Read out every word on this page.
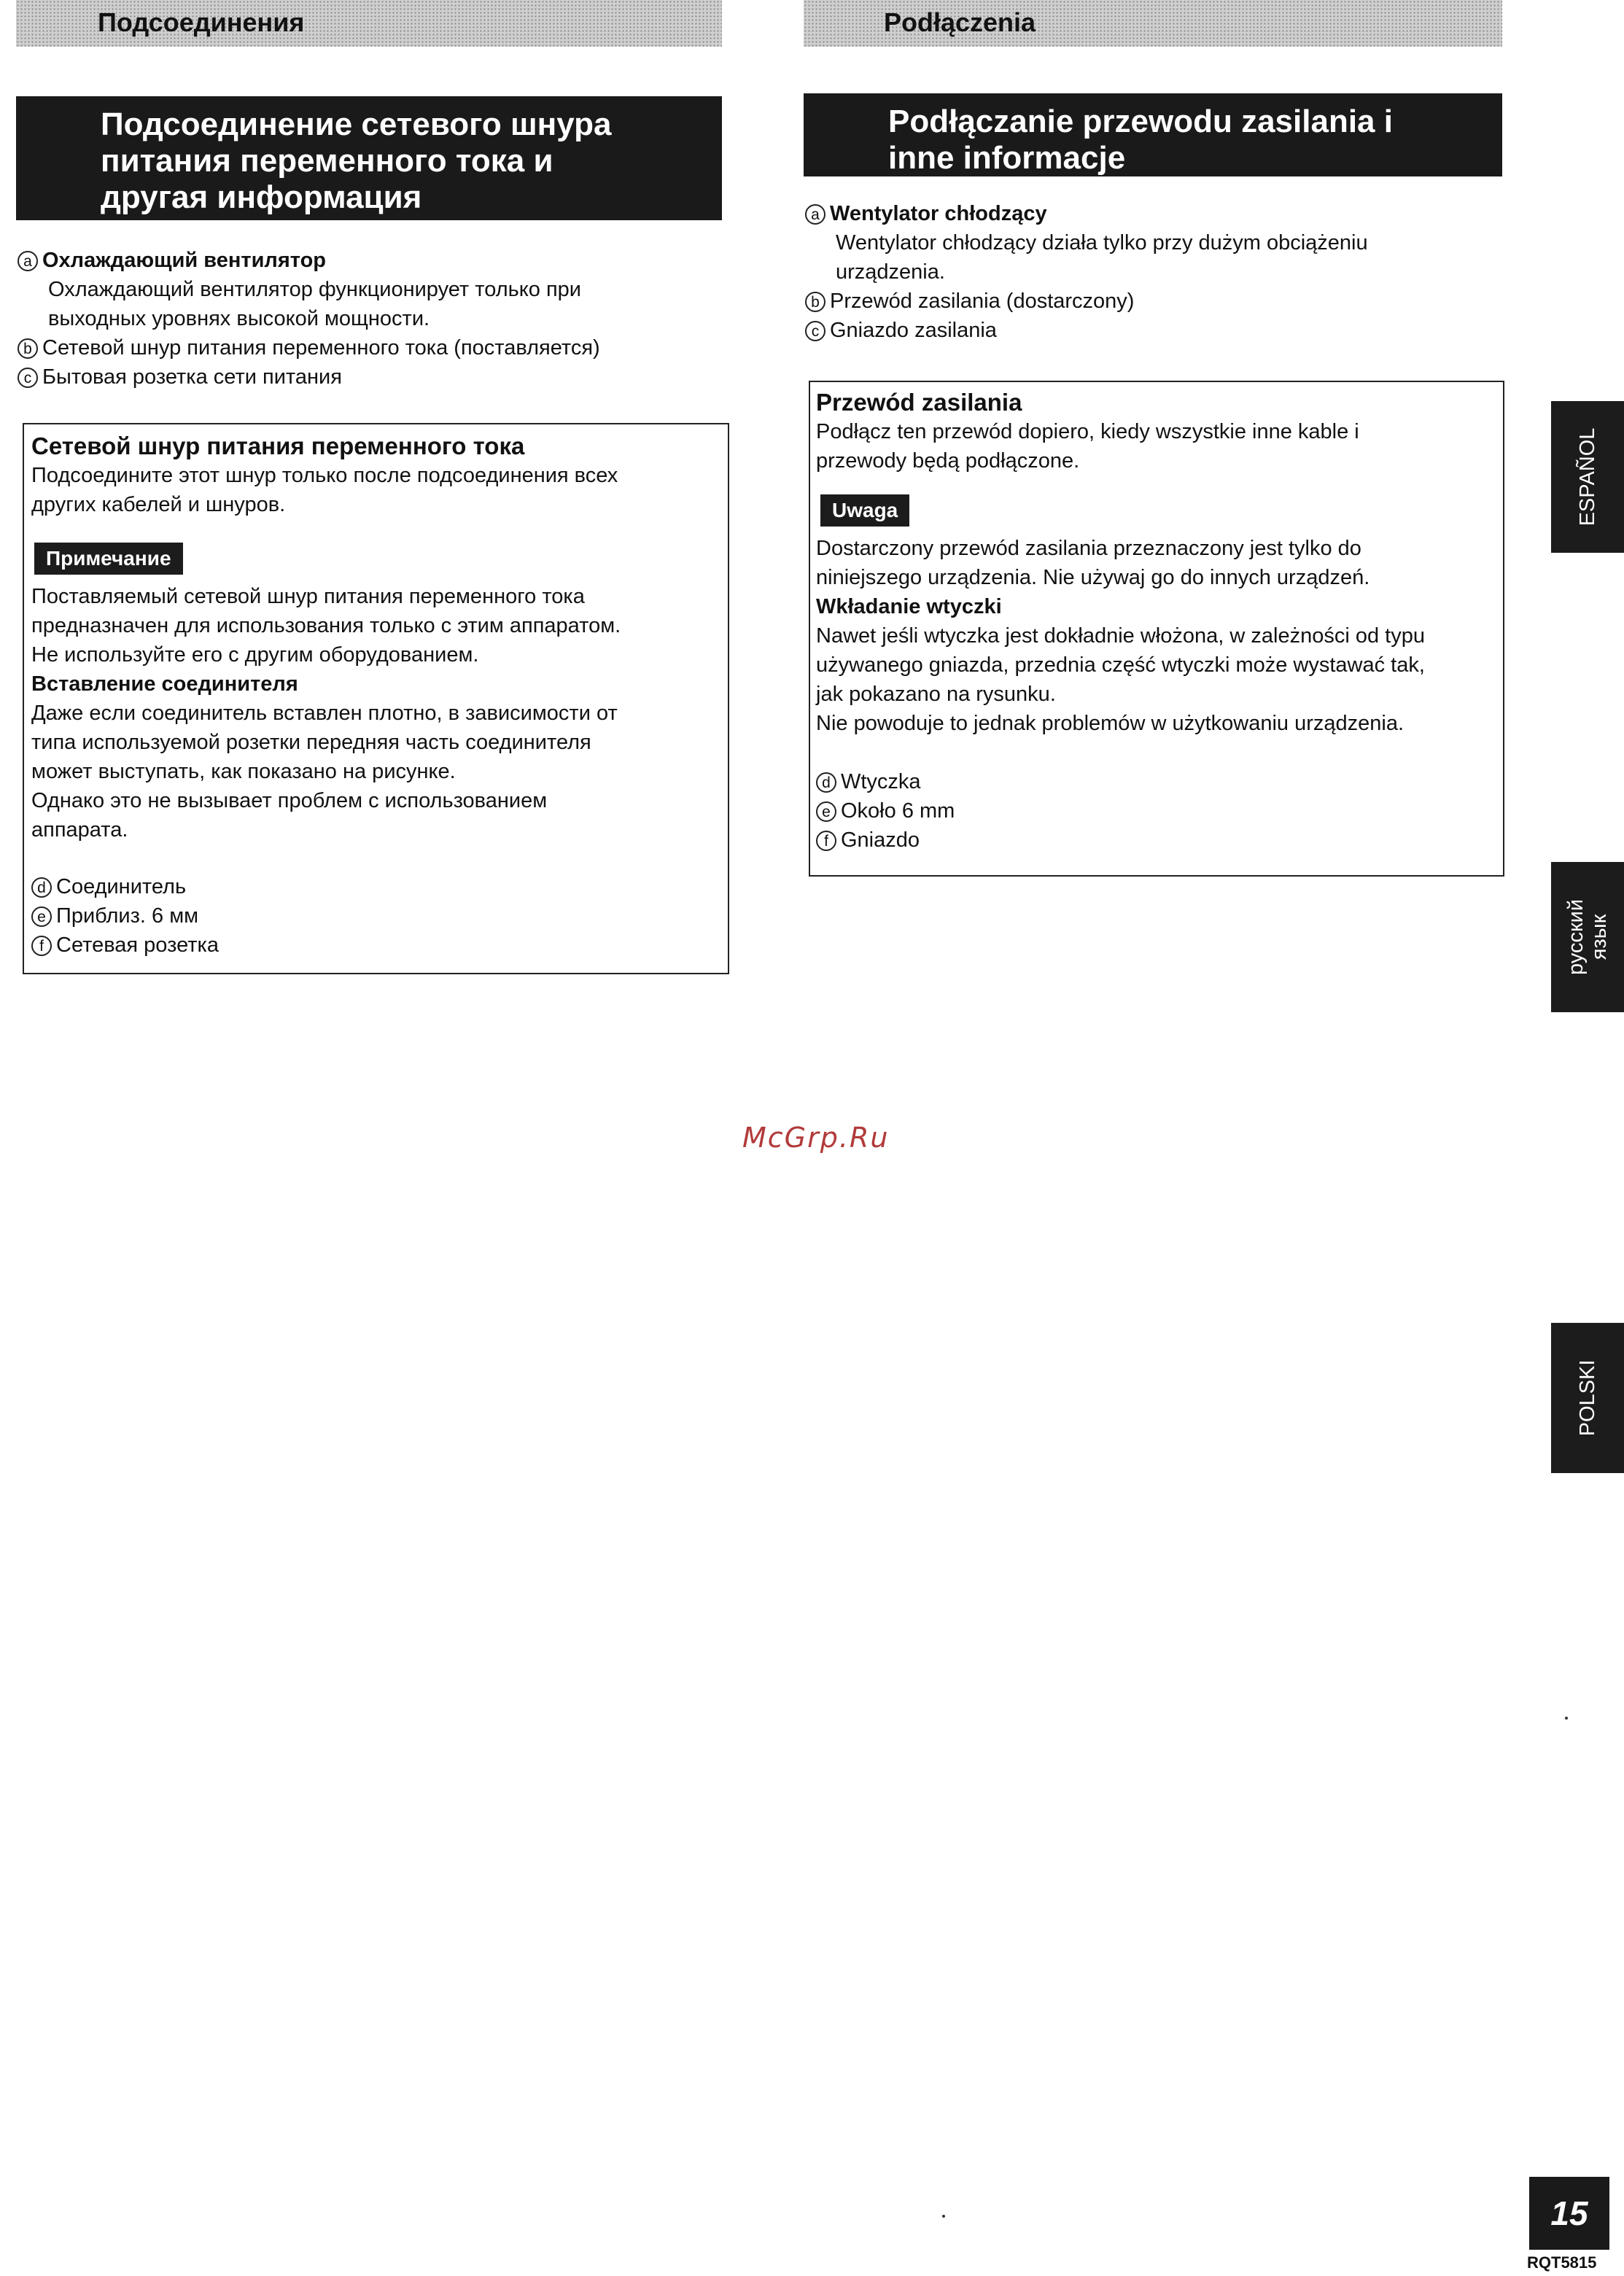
Подсоединения
Подсоединение сетевого шнура
питания переменного тока и
другая информация
a Охлаждающий вентилятор
Охлаждающий вентилятор функционирует только при
выходных уровнях высокой мощности.
b Сетевой шнур питания переменного тока (поставляется)
c Бытовая розетка сети питания
Сетевой шнур питания переменного тока
Подсоедините этот шнур только после подсоединения всех
других кабелей и шнуров.
Примечание
Поставляемый сетевой шнур питания переменного тока
предназначен для использования только с этим аппаратом.
Не используйте его с другим оборудованием.
Вставление соединителя
Даже если соединитель вставлен плотно, в зависимости от
типа используемой розетки передняя часть соединителя
может выступать, как показано на рисунке.
Однако это не вызывает проблем с использованием
аппарата.
d Соединитель
e Приблиз. 6 мм
f Сетевая розетка
Podłączenia
Podłączanie przewodu zasilania i
inne informacje
a Wentylator chłodzący
Wentylator chłodzący działa tylko przy dużym obciążeniu
urządzenia.
b Przewód zasilania (dostarczony)
c Gniazdo zasilania
Przewód zasilania
Podłącz ten przewód dopiero, kiedy wszystkie inne kable i
przewody będą podłączone.
Uwaga
Dostarczony przewód zasilania przeznaczony jest tylko do
niniejszego urządzenia. Nie używaj go do innych urządzeń.
Wkładanie wtyczki
Nawet jeśli wtyczka jest dokładnie włożona, w zależności od typu
używanego gniazda, przednia część wtyczki może wystawać tak,
jak pokazano na rysunku.
Nie powoduje to jednak problemów w użytkowaniu urządzenia.
d Wtyczka
e Około 6 mm
f Gniazdo
ESPAÑOL
русский язык
POLSKI
McGrp.Ru
15
RQT5815
